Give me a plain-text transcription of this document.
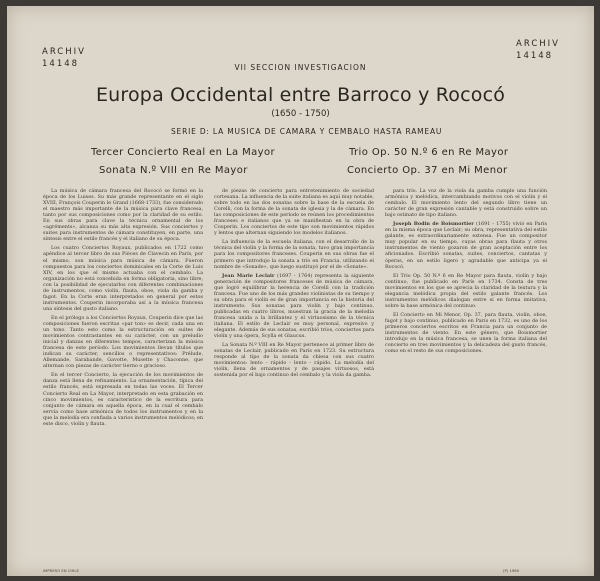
ARCHIV
14148
ARCHIV
14148
VII SECCION INVESTIGACION
Europa Occidental entre Barroco y Rococó
(1650 - 1750)
SERIE D: LA MUSICA DE CAMARA Y CEMBALO HASTA RAMEAU
Tercer Concierto Real en La Mayor	Trio Op. 50 N.º 6 en Re Mayor
Sonata N.º VIII en Re Mayor	Concierto Op. 37 en Mi Menor

La música de cámara francesa del Rococó se formó en la época de los Luises. Su más grande representante en el siglo XVIII, François Couperin le Grand (1668-1733), fue considerado el maestro más importante de la música para clave francesa, tanto por sus composiciones como por la claridad de su estilo. En sus obras para clave la técnica ornamental de los «agréments», alcanza su más alta expresión. Sus conciertos y suites para instrumentos de cámara constituyen, en parte, una síntesis entre el estilo francés y el italiano de su época.

Los cuatro Conciertos Royaux, publicados en 1722 como apéndice al tercer libro de sus Pièces de Clavecin en París, por el mismo, son música para música de cámara. Fueron compuestos para los conciertos dominicales en la Corte de Luis XIV, en los que el mismo actuaba con el cembalo. La organización no está concebida en forma obligatoria, sino libre, con la posibilidad de ejecutarlos con diferentes combinaciones de instrumentos, como violín, flauta, oboe, viola da gamba y fagot. En la Corte eran interpretados en general por estos instrumentos. Couperin incorporaba así a la música francesa una síntesis del gusto italiano.

En el prólogo a los Conciertos Royaux, Couperin dice que las composiciones fueron escritas «par ton» es decir, cada una en un tono. Tanto esto como la estructuración en suites de movimientos contrastantes en su carácter, con un preludio inicial y danzas en diferentes tempos, caracterizan la música francesa de este período. Los movimientos llevan títulos que indican su carácter, sencillos o representativos: Prélude, Allemande, Sarabande, Gavotte, Musette y Chaconne, que alternan con piezas de carácter tierno o gracioso.

En el tercer Concierto, la ejecución de los movimientos de danza está llena de refinamiento. La ornamentación, típica del estilo francés, está expresada en todas las voces. El Tercer Concierto Real en La Mayor, interpretado en esta grabación en cinco movimientos, es característico de la escritura para conjunto de cámara en aquella época, en la cual el cembalo servía como base armónica de todos los instrumentos y en la que la melodía era confiada a varios instrumentos melódicos; en este disco, violín y flauta.

de piezas de concierto para entretenimiento de sociedad cortesana. La influencia de la suite italiana es aquí muy notable, sobre todo en las dos sonatas sobre la base de la escuela de Corelli, con la forma de la sonata de iglesia y la de cámara. En las composiciones de este período se reúnen los procedimientos franceses e italianos que ya se manifiestan en la obra de Couperin. Los conciertos de este tipo son movimientos rápidos y lentos que alternan siguiendo los modelos italianos.

La influencia de la escuela italiana, con el desarrollo de la técnica del violín y la forma de la sonata, tuvo gran importancia para los compositores franceses. Couperin en sus obras fue el primero que introdujo la sonata a trío en Francia, utilizando el nombre de «Sonade», que luego sustituyó por el de «Sonate».

Jean Marie Leclair (1697 - 1764) representa la siguiente generación de compositores franceses de música de cámara, que logró equilibrar la herencia de Corelli con la tradición francesa. Fue uno de los más grandes violinistas de su tiempo y su obra para el violín es de gran importancia en la historia del instrumento. Sus sonatas para violín y bajo continuo, publicadas en cuatro libros, muestran la gracia de la melodía francesa unida a la brillantez y el virtuosismo de la técnica italiana. El estilo de Leclair es muy personal, expresivo y elegante. Además de sus sonatas, escribió tríos, conciertos para violín y una ópera, Scylla et Glaucus.

La Sonata N.º VIII en Re Mayor pertenece al primer libro de sonatas de Leclair, publicado en París en 1723. Su estructura responde al tipo de la sonata da chiesa con sus cuatro movimientos: lento - rápido - lento - rápido. La melodía del violín, llena de ornamentos y de pasajes virtuosos, está sostenida por el bajo continuo del cembalo y la viola da gamba.

para trío. La voz de la viola da gamba cumple una función armónica y melódica, intercambiando motivos con el violín y el cembalo. El movimiento lento del segundo libro tiene un carácter de gran expresión cantable y está construido sobre un bajo ostinato de tipo italiano.

Joseph Bodin de Boismortier (1691 - 1755) vivió en París en la misma época que Leclair; su obra, representativa del estilo galante, es extraordinariamente extensa. Fue un compositor muy popular en su tiempo, cuyas obras para flauta y otros instrumentos de viento gozaron de gran aceptación entre los aficionados. Escribió sonatas, suites, conciertos, cantatas y óperas, en un estilo ligero y agradable que anticipa ya el Rococó.

El Trío Op. 50 N.º 6 en Re Mayor para flauta, violín y bajo continuo, fue publicado en París en 1734. Consta de tres movimientos en los que se aprecia la claridad de la textura y la elegancia melódica propia del estilo galante francés. Los instrumentos melódicos dialogan entre sí en forma imitativa, sobre la base armónica del continuo.

El Concierto en Mi Menor, Op. 37, para flauta, violín, oboe, fagot y bajo continuo, publicado en París en 1732, es uno de los primeros conciertos escritos en Francia para un conjunto de instrumentos de viento. En este género, que Boismortier introdujo en la música francesa, se unen la forma italiana del concierto en tres movimientos y la delicadeza del gusto francés, como en el resto de sus composiciones.

IMPRESO EN CHILE	(P) 1960
